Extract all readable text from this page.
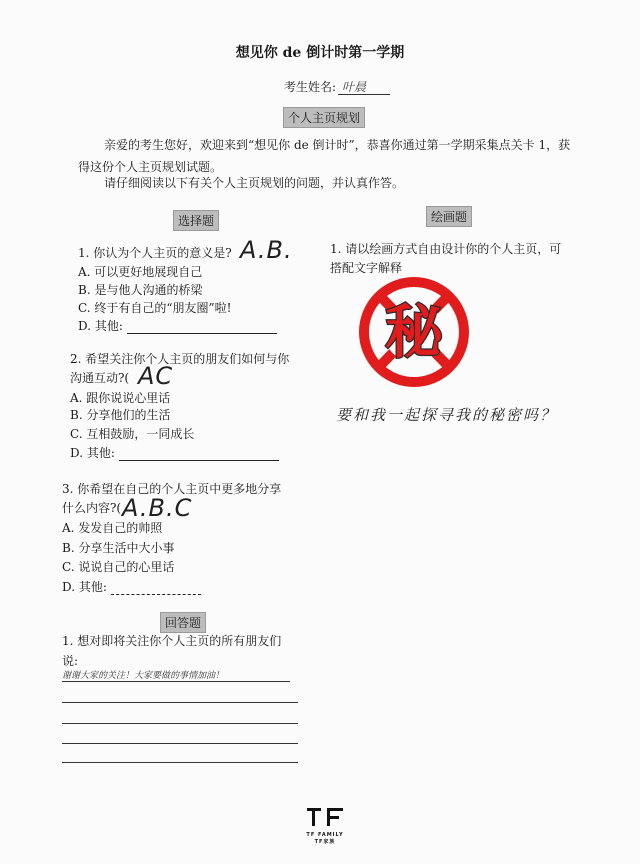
想见你 de 倒计时第一学期
考生姓名: 叶晨
个人主页规划
亲爱的考生您好，欢迎来到“想见你 de 倒计时”，恭喜你通过第一学期采集点关卡 1，获得这份个人主页规划试题。
请仔细阅读以下有关个人主页规划的问题，并认真作答。
选择题	绘画题
1. 你认为个人主页的意义是? A.B.
A. 可以更好地展现自己
B. 是与他人沟通的桥梁
C. 终于有自己的“朋友圈”啦!
D. 其他:
2. 希望关注你个人主页的朋友们如何与你
沟通互动?( AC
A. 跟你说说心里话
B. 分享他们的生活
C. 互相鼓励，一同成长
D. 其他:
3. 你希望在自己的个人主页中更多地分享
什么内容?( A.B.C
A. 发发自己的帅照
B. 分享生活中大小事
C. 说说自己的心里话
D. 其他:
1. 请以绘画方式自由设计你的个人主页，可
搭配文字解释
秘
要和我一起探寻我的秘密吗？
回答题
1. 想对即将关注你个人主页的所有朋友们
说:
谢谢大家的关注！大家要做的事情加油！
TF FAMILY
TF家族
